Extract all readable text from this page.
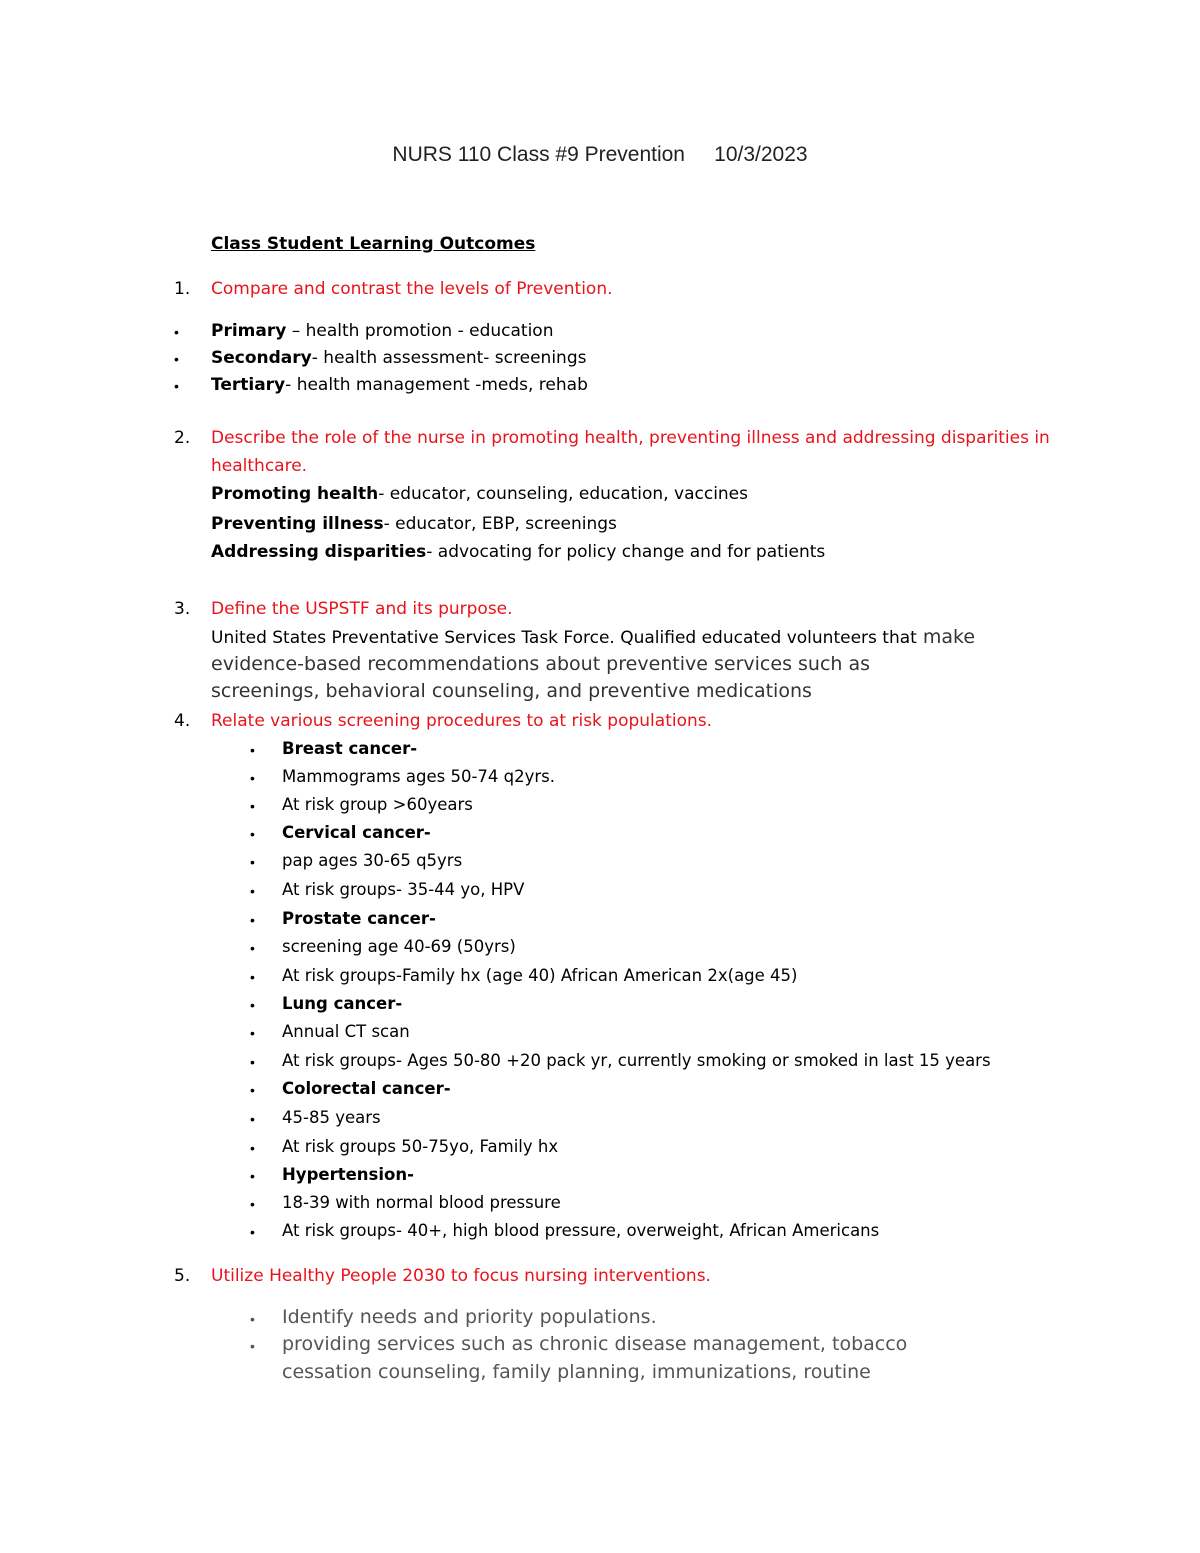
NURS 110 Class #9 Prevention     10/3/2023
Class Student Learning Outcomes
1. Compare and contrast the levels of Prevention.
• Primary – health promotion - education
• Secondary- health assessment- screenings
• Tertiary- health management -meds, rehab
2. Describe the role of the nurse in promoting health, preventing illness and addressing disparities in healthcare.
Promoting health- educator, counseling, education, vaccines
Preventing illness- educator, EBP, screenings
Addressing disparities- advocating for policy change and for patients
3. Define the USPSTF and its purpose.
United States Preventative Services Task Force. Qualified educated volunteers that make
evidence-based recommendations about preventive services such as
screenings, behavioral counseling, and preventive medications
4. Relate various screening procedures to at risk populations.
• Breast cancer-
• Mammograms ages 50-74 q2yrs.
• At risk group >60years
• Cervical cancer-
• pap ages 30-65 q5yrs
• At risk groups- 35-44 yo, HPV
• Prostate cancer-
• screening age 40-69 (50yrs)
• At risk groups-Family hx (age 40) African American 2x(age 45)
• Lung cancer-
• Annual CT scan
• At risk groups- Ages 50-80 +20 pack yr, currently smoking or smoked in last 15 years
• Colorectal cancer-
• 45-85 years
• At risk groups 50-75yo, Family hx
• Hypertension-
• 18-39 with normal blood pressure
• At risk groups- 40+, high blood pressure, overweight, African Americans
5. Utilize Healthy People 2030 to focus nursing interventions.
• Identify needs and priority populations.
• providing services such as chronic disease management, tobacco
cessation counseling, family planning, immunizations, routine
